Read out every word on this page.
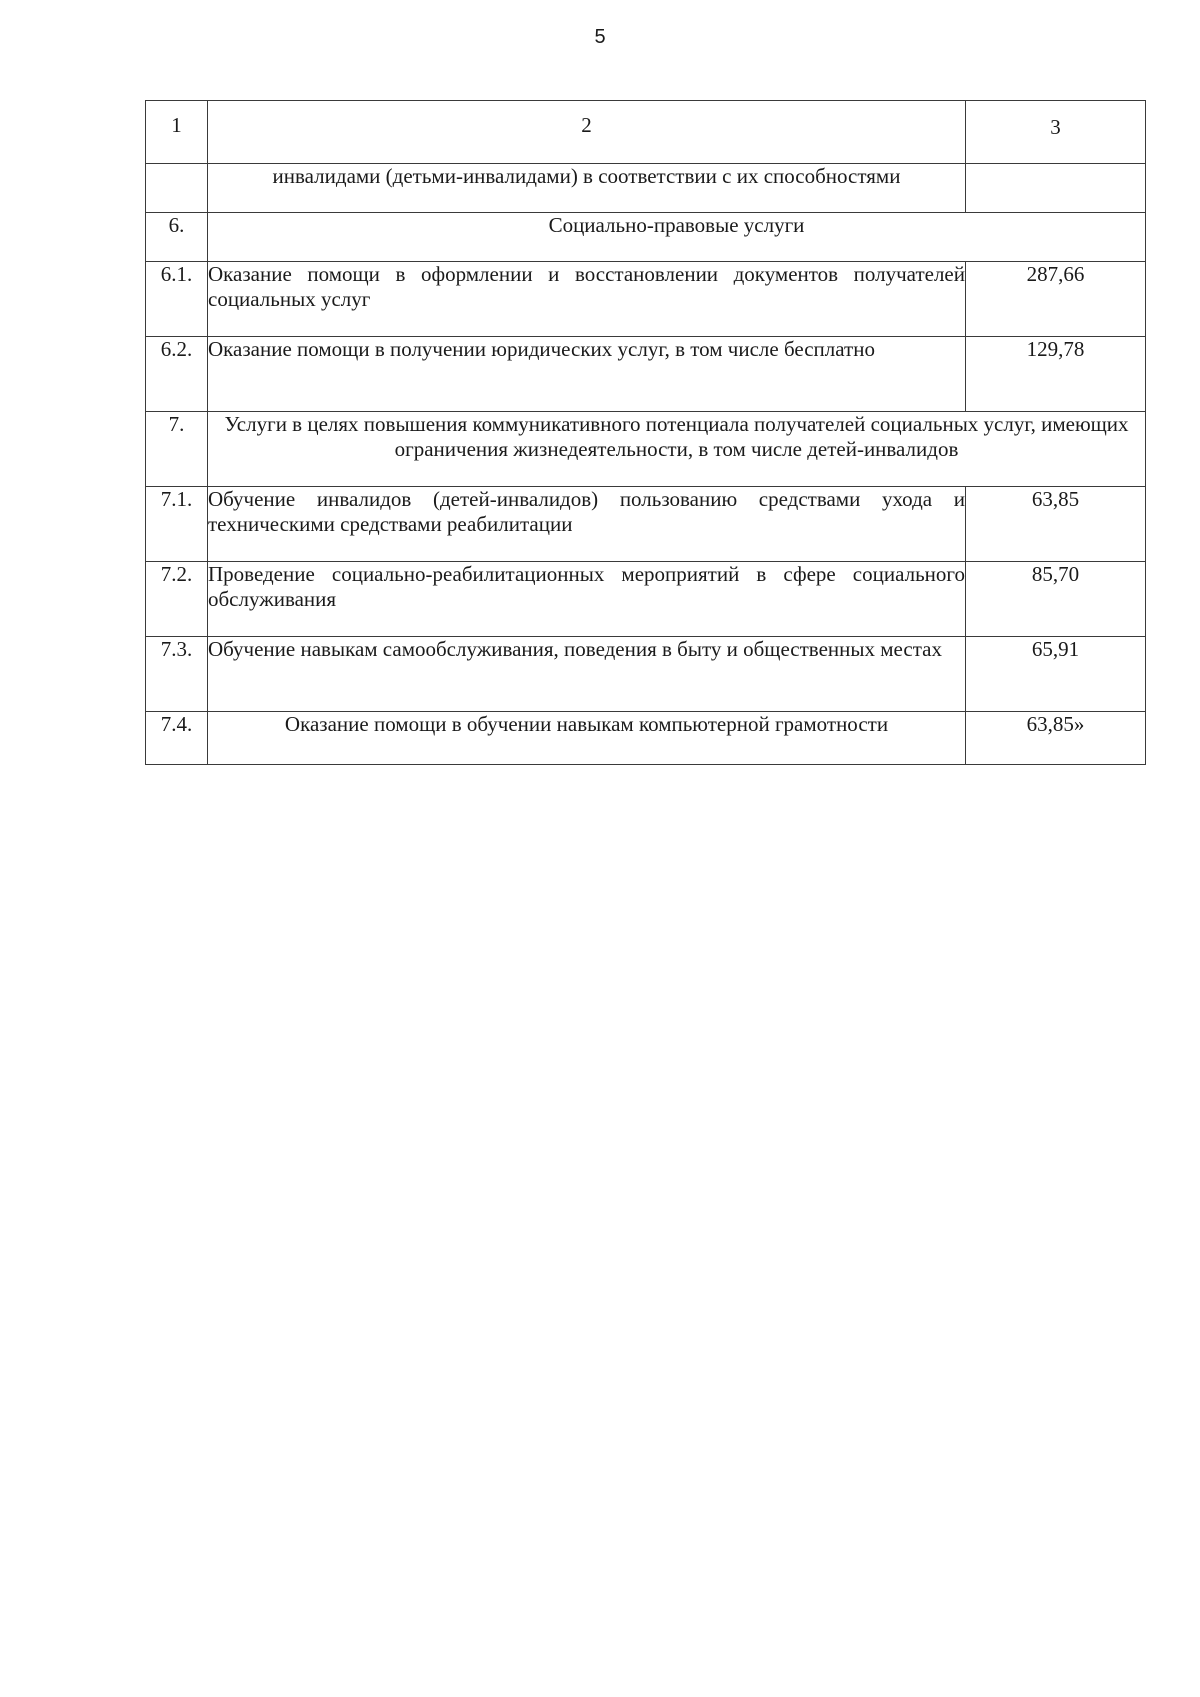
5
1	2	3
	инвалидами (детьми-инвалидами) в соответствии с их способностями	
6.	Социально-правовые услуги	
6.1.	Оказание помощи в оформлении и восстановлении документов получателей социальных услуг	287,66
6.2.	Оказание помощи в получении юридических услуг, в том числе бесплатно	129,78
7.	Услуги в целях повышения коммуникативного потенциала получателей социальных услуг, имеющих ограничения жизнедеятельности, в том числе детей-инвалидов	
7.1.	Обучение инвалидов (детей-инвалидов) пользованию средствами ухода и техническими средствами реабилитации	63,85
7.2.	Проведение социально-реабилитационных мероприятий в сфере социального обслуживания	85,70
7.3.	Обучение навыкам самообслуживания, поведения в быту и общественных местах	65,91
7.4.	Оказание помощи в обучении навыкам компьютерной грамотности	63,85»
